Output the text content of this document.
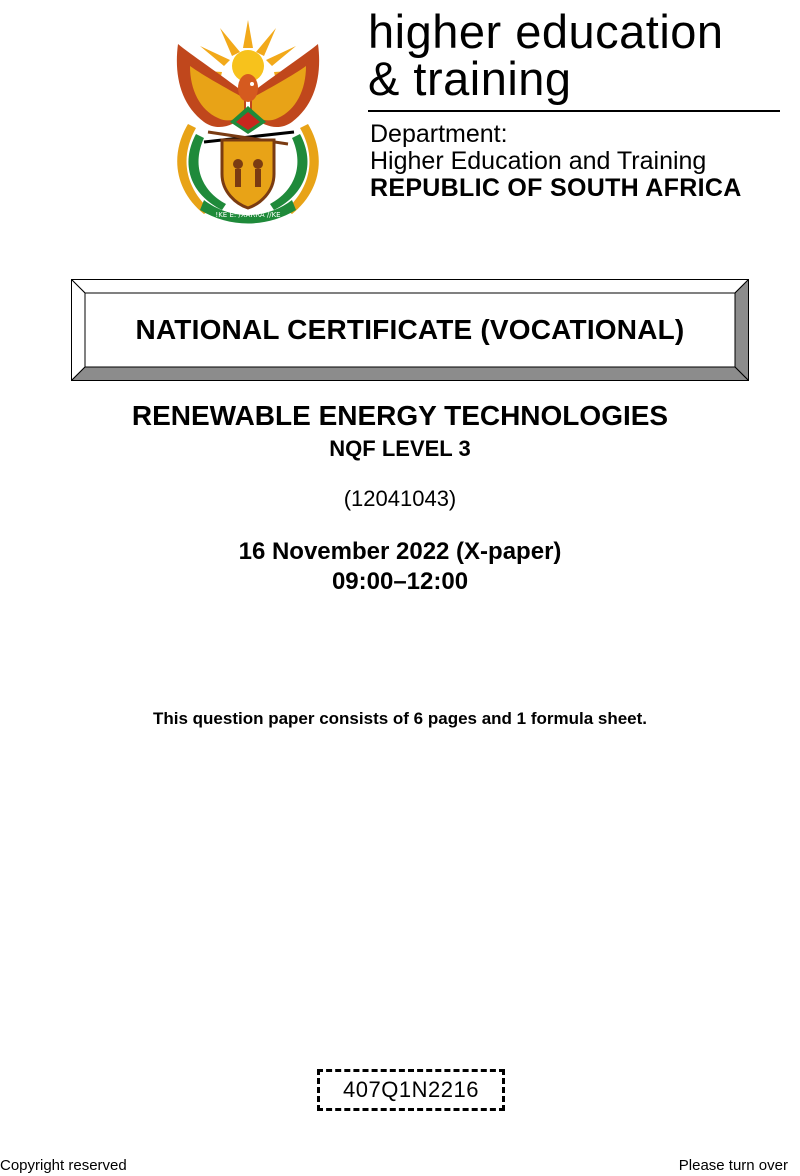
!KE E: /XARRA //KE
higher education
& training
Department:
Higher Education and Training
REPUBLIC OF SOUTH AFRICA
NATIONAL CERTIFICATE (VOCATIONAL)
RENEWABLE ENERGY TECHNOLOGIES
NQF LEVEL 3
(12041043)
16 November 2022 (X-paper)
09:00–12:00
This question paper consists of 6 pages and 1 formula sheet.
407Q1N2216
Copyright reserved	Please turn over
